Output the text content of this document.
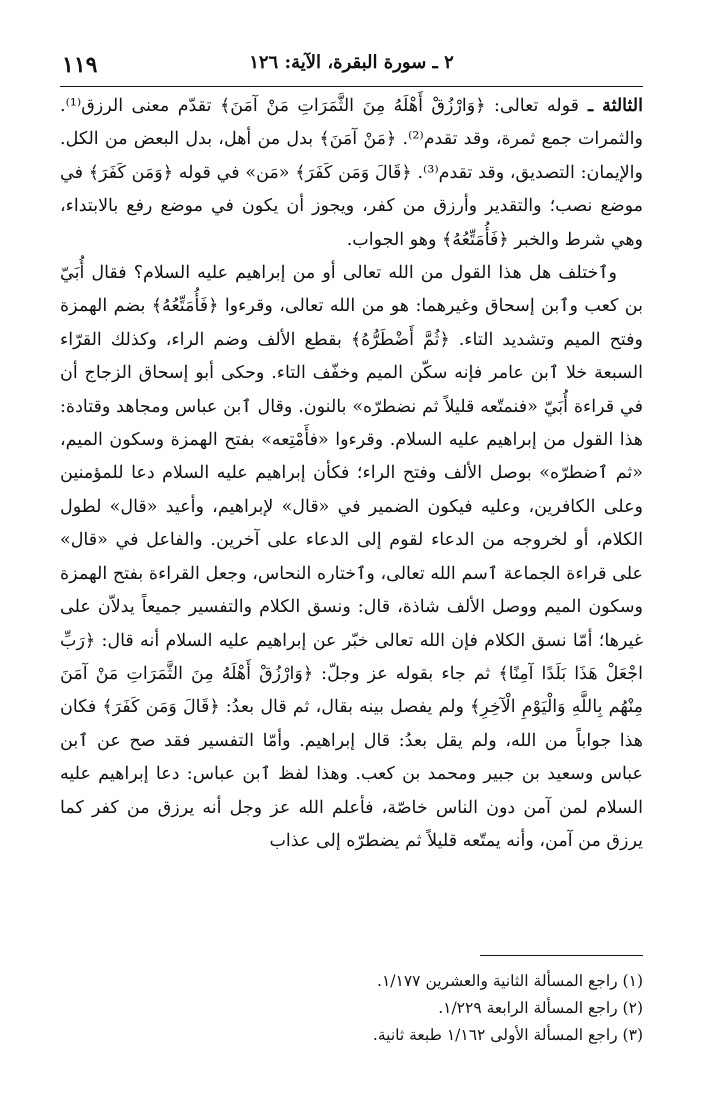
١١٩	٢ ـ سورة البقرة، الآية: ١٢٦

الثالثة ـ قوله تعالى: ﴿وَارْزُقْ أَهْلَهُ مِنَ الثَّمَرَاتِ مَنْ آمَنَ﴾ تقدّم معنى الرزق⁽¹⁾. والثمرات جمع ثمرة، وقد تقدم⁽²⁾. ﴿مَنْ آمَنَ﴾ بدل من أهل، بدل البعض من الكل. والإيمان: التصديق، وقد تقدم⁽³⁾. ﴿قَالَ وَمَن كَفَرَ﴾ «مَن» في قوله ﴿وَمَن كَفَرَ﴾ في موضع نصب؛ والتقدير وأرزق من كفر، ويجوز أن يكون في موضع رفع بالابتداء، وهي شرط والخبر ﴿فَأُمَتِّعُهُ﴾ وهو الجواب.

وٱختلف هل هذا القول من الله تعالى أو من إبراهيم عليه السلام؟ فقال أُبَيّ بن كعب وٱبن إسحاق وغيرهما: هو من الله تعالى، وقرءوا ﴿فَأُمَتِّعُهُ﴾ بضم الهمزة وفتح الميم وتشديد التاء. ﴿ثُمَّ أَضْطَرُّهُ﴾ بقطع الألف وضم الراء، وكذلك القرّاء السبعة خلا ٱبن عامر فإنه سكّن الميم وخفّف التاء. وحكى أبو إسحاق الزجاج أن في قراءة أُبَيّ «فنمتّعه قليلاً ثم نضطرّه» بالنون. وقال ٱبن عباس ومجاهد وقتادة: هذا القول من إبراهيم عليه السلام. وقرءوا «فأَمْتِعه» بفتح الهمزة وسكون الميم، «ثم ٱضطرّه» بوصل الألف وفتح الراء؛ فكأن إبراهيم عليه السلام دعا للمؤمنين وعلى الكافرين، وعليه فيكون الضمير في «قال» لإبراهيم، وأعيد «قال» لطول الكلام، أو لخروجه من الدعاء لقوم إلى الدعاء على آخرين. والفاعل في «قال» على قراءة الجماعة ٱسم الله تعالى، وٱختاره النحاس، وجعل القراءة بفتح الهمزة وسكون الميم ووصل الألف شاذة، قال: ونسق الكلام والتفسير جميعاً يدلاّن على غيرها؛ أمّا نسق الكلام فإن الله تعالى خبّر عن إبراهيم عليه السلام أنه قال: ﴿رَبِّ اجْعَلْ هَذَا بَلَدًا آمِنًا﴾ ثم جاء بقوله عز وجلّ: ﴿وَارْزُقْ أَهْلَهُ مِنَ الثَّمَرَاتِ مَنْ آمَنَ مِنْهُم بِاللَّهِ وَالْيَوْمِ الْآخِرِ﴾ ولم يفصل بينه بقال، ثم قال بعدُ: ﴿قَالَ وَمَن كَفَرَ﴾ فكان هذا جواباً من الله، ولم يقل بعدُ: قال إبراهيم. وأمّا التفسير فقد صح عن ٱبن عباس وسعيد بن جبير ومحمد بن كعب. وهذا لفظ ٱبن عباس: دعا إبراهيم عليه السلام لمن آمن دون الناس خاصّة، فأعلم الله عز وجل أنه يرزق من كفر كما يرزق من آمن، وأنه يمتّعه قليلاً ثم يضطرّه إلى عذاب

(١) راجع المسألة الثانية والعشرين ١/١٧٧.
(٢) راجع المسألة الرابعة ١/٢٢٩.
(٣) راجع المسألة الأولى ١/١٦٢ طبعة ثانية.
